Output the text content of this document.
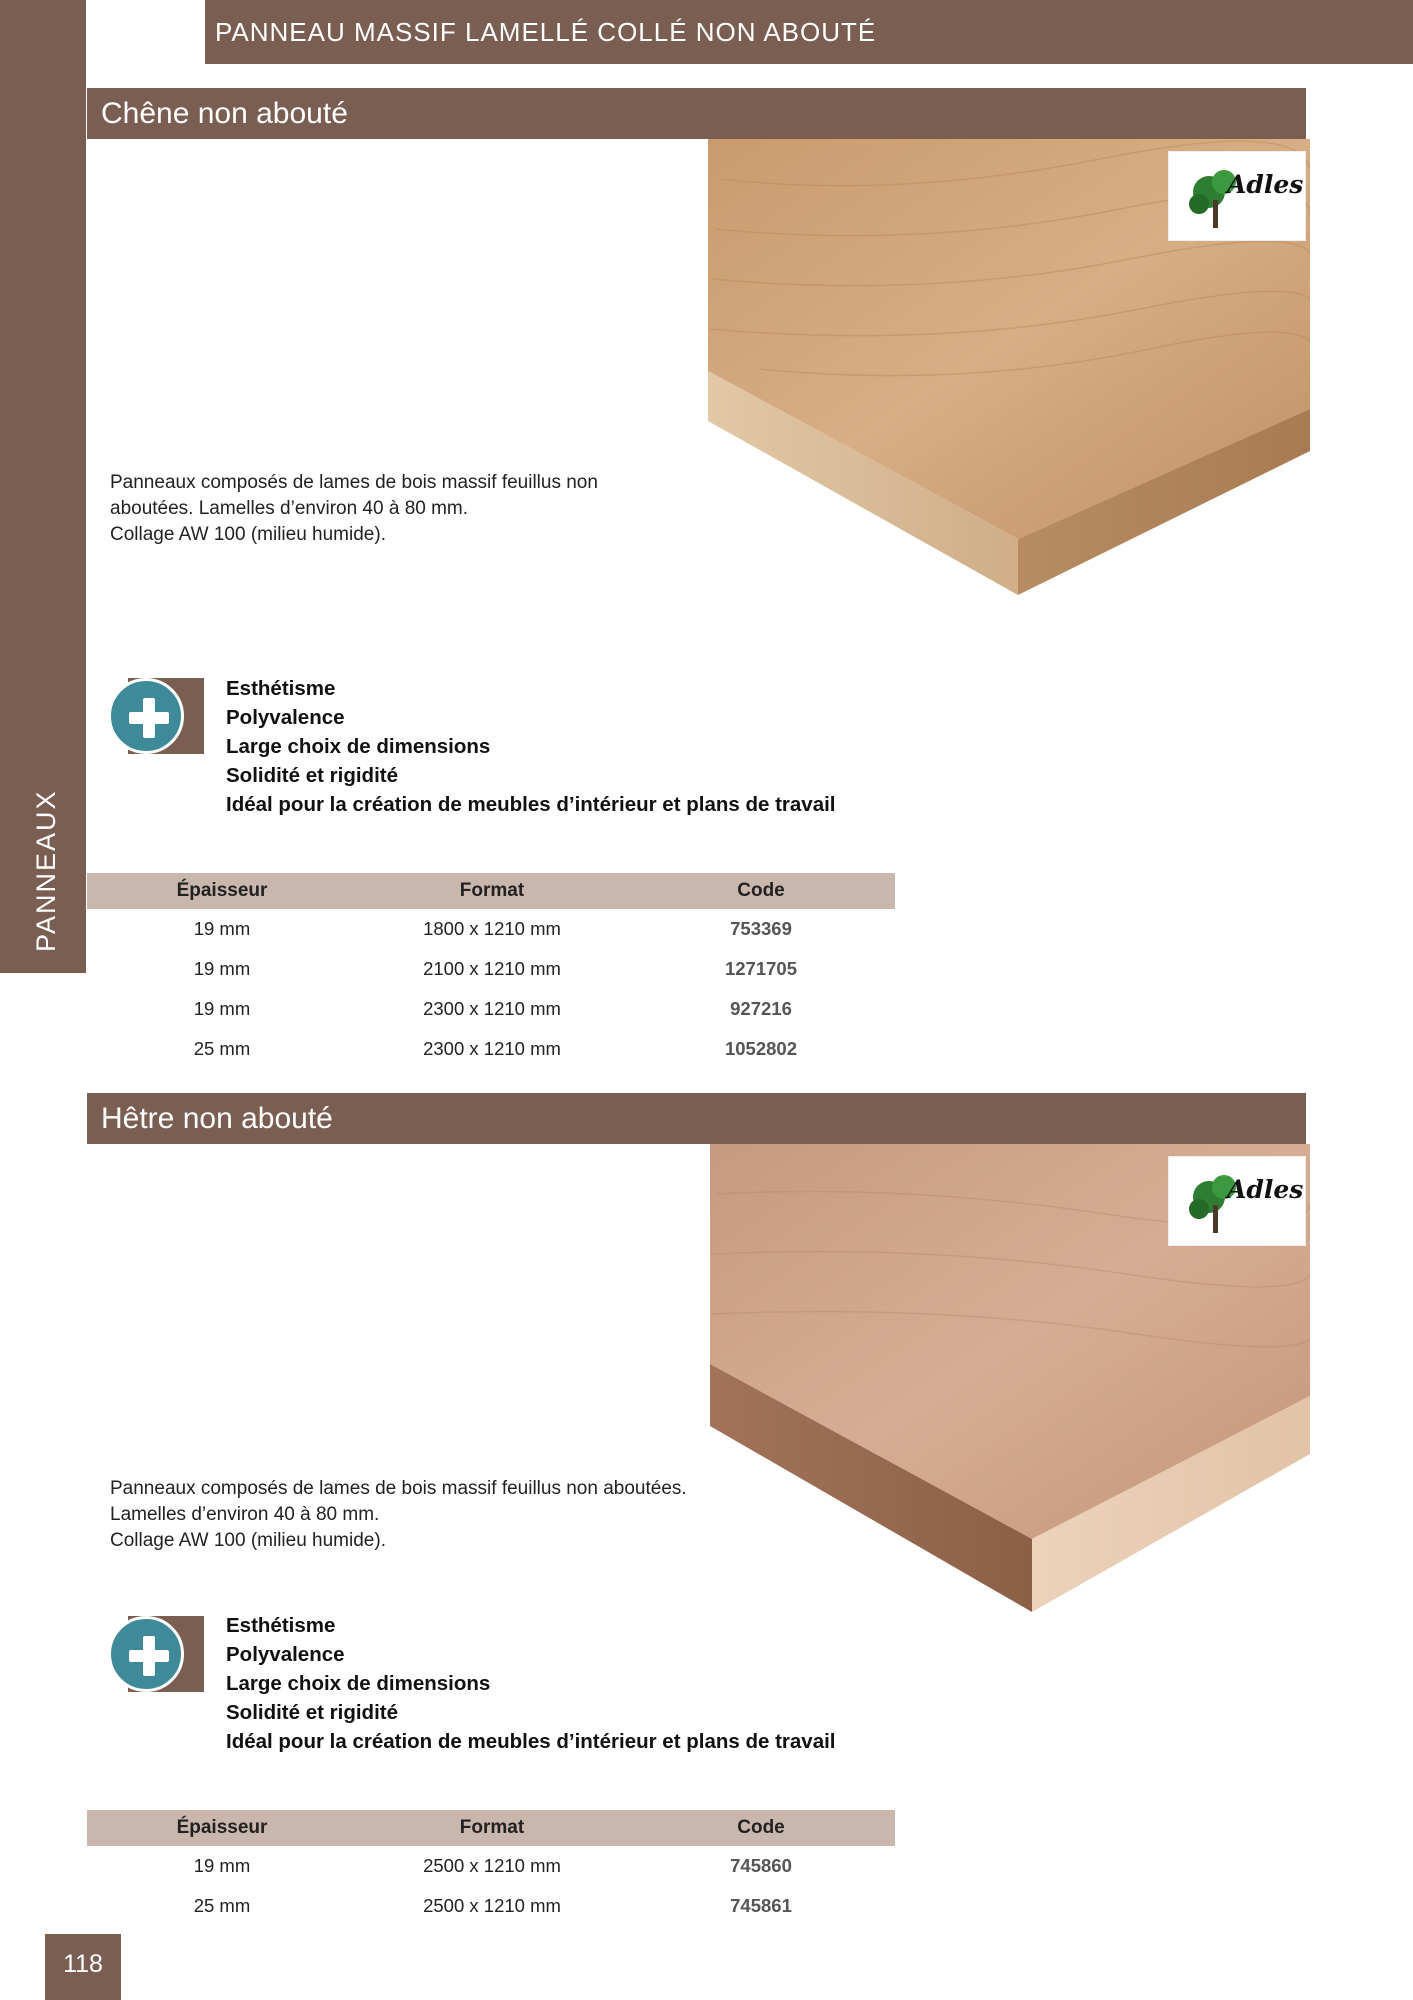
PANNEAUX
PANNEAU MASSIF LAMELLÉ COLLÉ NON ABOUTÉ
Chêne non abouté
Adles
Panneaux composés de lames de bois massif feuillus non
aboutées. Lamelles d’environ 40 à 80 mm.
Collage AW 100 (milieu humide).
Esthétisme
Polyvalence
Large choix de dimensions
Solidité et rigidité
Idéal pour la création de meubles d’intérieur et plans de travail
Épaisseur	Format	Code
19 mm	1800 x 1210 mm	753369
19 mm	2100 x 1210 mm	1271705
19 mm	2300 x 1210 mm	927216
25 mm	2300 x 1210 mm	1052802
Hêtre non abouté
Adles
Panneaux composés de lames de bois massif feuillus non aboutées.
Lamelles d’environ 40 à 80 mm.
Collage AW 100 (milieu humide).
Esthétisme
Polyvalence
Large choix de dimensions
Solidité et rigidité
Idéal pour la création de meubles d’intérieur et plans de travail
Épaisseur	Format	Code
19 mm	2500 x 1210 mm	745860
25 mm	2500 x 1210 mm	745861
118
